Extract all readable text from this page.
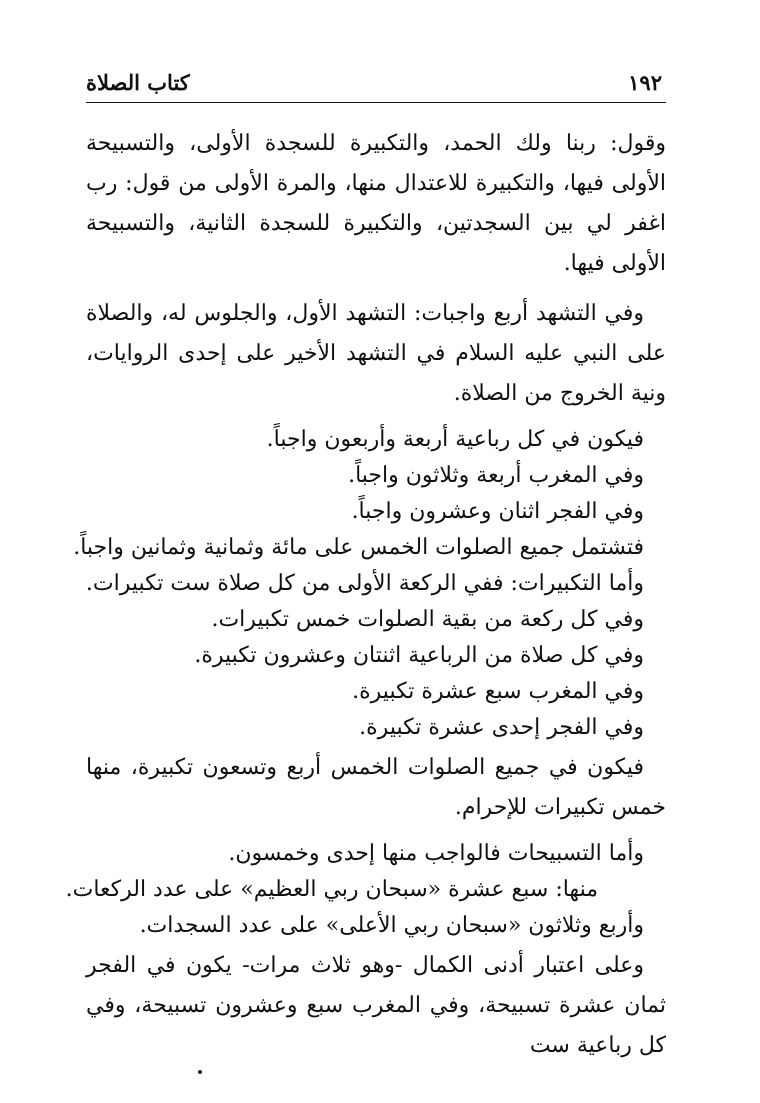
١٩٢
كتاب الصلاة

وقول: ربنا ولك الحمد، والتكبيرة للسجدة الأولى، والتسبيحة الأولى فيها، والتكبيرة للاعتدال منها، والمرة الأولى من قول: رب اغفر لي بين السجدتين، والتكبيرة للسجدة الثانية، والتسبيحة الأولى فيها.

وفي التشهد أربع واجبات: التشهد الأول، والجلوس له، والصلاة على النبي عليه السلام في التشهد الأخير على إحدى الروايات، ونية الخروج من الصلاة.

فيكون في كل رباعية أربعة وأربعون واجباً.
وفي المغرب أربعة وثلاثون واجباً.
وفي الفجر اثنان وعشرون واجباً.
فتشتمل جميع الصلوات الخمس على مائة وثمانية وثمانين واجباً.
وأما التكبيرات: ففي الركعة الأولى من كل صلاة ست تكبيرات.
وفي كل ركعة من بقية الصلوات خمس تكبيرات.
وفي كل صلاة من الرباعية اثنتان وعشرون تكبيرة.
وفي المغرب سبع عشرة تكبيرة.
وفي الفجر إحدى عشرة تكبيرة.

فيكون في جميع الصلوات الخمس أربع وتسعون تكبيرة، منها خمس تكبيرات للإحرام.

وأما التسبيحات فالواجب منها إحدى وخمسون.
منها: سبع عشرة «سبحان ربي العظيم» على عدد الركعات.
وأربع وثلاثون «سبحان ربي الأعلى» على عدد السجدات.

وعلى اعتبار أدنى الكمال -وهو ثلاث مرات- يكون في الفجر ثمان عشرة تسبيحة، وفي المغرب سبع وعشرون تسبيحة، وفي كل رباعية ست
